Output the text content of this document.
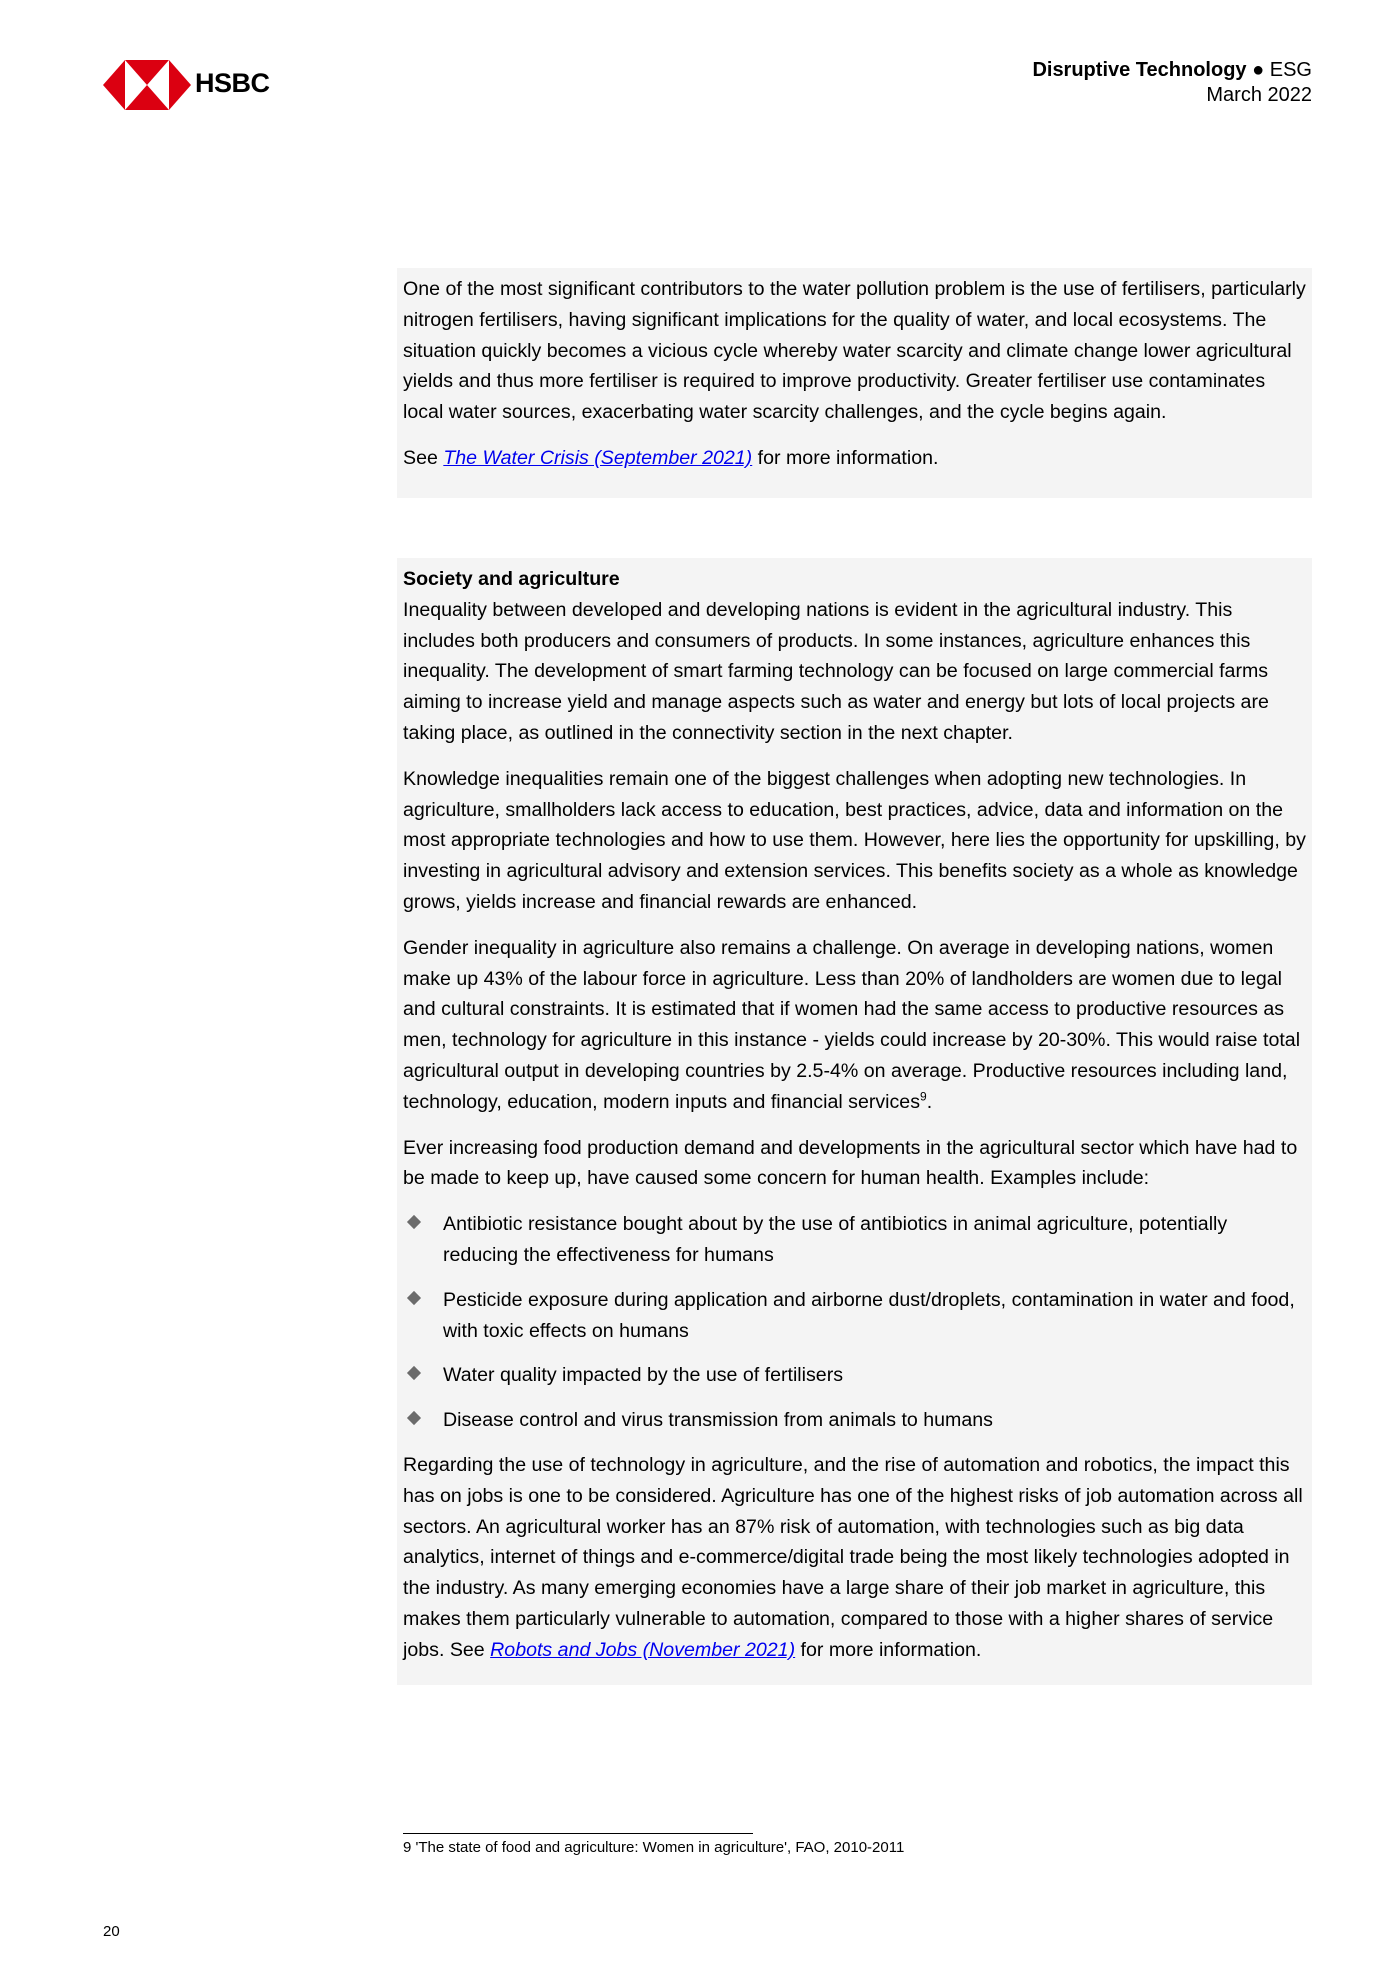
HSBC	Disruptive Technology ● ESG
March 2022

One of the most significant contributors to the water pollution problem is the use of fertilisers, particularly nitrogen fertilisers, having significant implications for the quality of water, and local ecosystems. The situation quickly becomes a vicious cycle whereby water scarcity and climate change lower agricultural yields and thus more fertiliser is required to improve productivity. Greater fertiliser use contaminates local water sources, exacerbating water scarcity challenges, and the cycle begins again.

See The Water Crisis (September 2021) for more information.

Society and agriculture

Inequality between developed and developing nations is evident in the agricultural industry. This includes both producers and consumers of products. In some instances, agriculture enhances this inequality. The development of smart farming technology can be focused on large commercial farms aiming to increase yield and manage aspects such as water and energy but lots of local projects are taking place, as outlined in the connectivity section in the next chapter.

Knowledge inequalities remain one of the biggest challenges when adopting new technologies. In agriculture, smallholders lack access to education, best practices, advice, data and information on the most appropriate technologies and how to use them. However, here lies the opportunity for upskilling, by investing in agricultural advisory and extension services. This benefits society as a whole as knowledge grows, yields increase and financial rewards are enhanced.

Gender inequality in agriculture also remains a challenge. On average in developing nations, women make up 43% of the labour force in agriculture. Less than 20% of landholders are women due to legal and cultural constraints. It is estimated that if women had the same access to productive resources as men, technology for agriculture in this instance - yields could increase by 20-30%. This would raise total agricultural output in developing countries by 2.5-4% on average. Productive resources including land, technology, education, modern inputs and financial services$^9$.

Ever increasing food production demand and developments in the agricultural sector which have had to be made to keep up, have caused some concern for human health. Examples include:

Antibiotic resistance bought about by the use of antibiotics in animal agriculture, potentially reducing the effectiveness for humans
Pesticide exposure during application and airborne dust/droplets, contamination in water and food, with toxic effects on humans
Water quality impacted by the use of fertilisers
Disease control and virus transmission from animals to humans

Regarding the use of technology in agriculture, and the rise of automation and robotics, the impact this has on jobs is one to be considered. Agriculture has one of the highest risks of job automation across all sectors. An agricultural worker has an 87% risk of automation, with technologies such as big data analytics, internet of things and e-commerce/digital trade being the most likely technologies adopted in the industry. As many emerging economies have a large share of their job market in agriculture, this makes them particularly vulnerable to automation, compared to those with a higher shares of service jobs. See Robots and Jobs (November 2021) for more information.

9 'The state of food and agriculture: Women in agriculture', FAO, 2010-2011
20
